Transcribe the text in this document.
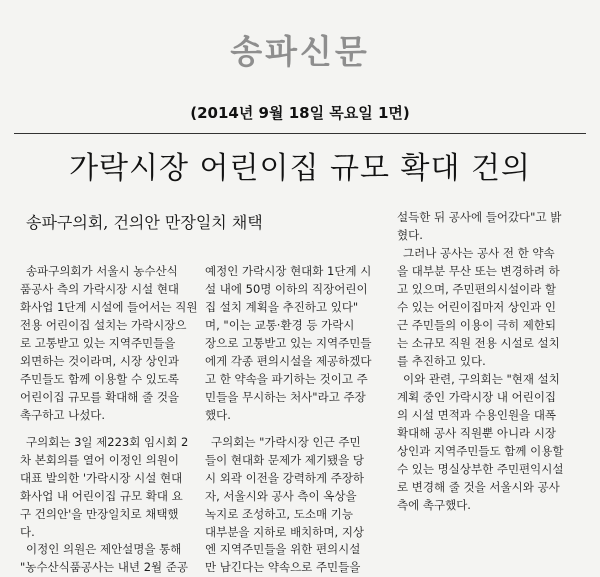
송파신문
(2014년 9월 18일 목요일 1면)
가락시장 어린이집 규모 확대 건의
송파구의회, 건의안 만장일치 채택
송파구의회가 서울시 농수산식
품공사 측의 가락시장 시설 현대
화사업 1단계 시설에 들어서는 직원
전용 어린이집 설치는 가락시장으
로 고통받고 있는 지역주민들을
외면하는 것이라며, 시장 상인과
주민들도 함께 이용할 수 있도록
어린이집 규모를 확대해 줄 것을
촉구하고 나섰다.
구의회는 3일 제223회 임시회 2
차 본회의를 열어 이정인 의원이
대표 발의한 '가락시장 시설 현대
화사업 내 어린이집 규모 확대 요
구 건의안'을 만장일치로 채택했
다.
이정인 의원은 제안설명을 통해
"농수산식품공사는 내년 2월 준공
예정인 가락시장 현대화 1단계 시
설 내에 50명 이하의 직장어린이
집 설치 계획을 추진하고 있다"
며, "이는 교통·환경 등 가락시
장으로 고통받고 있는 지역주민들
에게 각종 편의시설을 제공하겠다
고 한 약속을 파기하는 것이고 주
민들을 무시하는 처사"라고 주장
했다.
구의회는 "가락시장 인근 주민
들이 현대화 문제가 제기됐을 당
시 외곽 이전을 강력하게 주장하
자, 서울시와 공사 측이 옥상을
녹지로 조성하고, 도소매 기능
대부분을 지하로 배치하며, 지상
엔 지역주민들을 위한 편의시설
만 남긴다는 약속으로 주민들을
설득한 뒤 공사에 들어갔다"고 밝
혔다.
그러나 공사는 공사 전 한 약속
을 대부분 무산 또는 변경하려 하
고 있으며, 주민편의시설이라 할
수 있는 어린이집마저 상인과 인
근 주민들의 이용이 극히 제한되
는 소규모 직원 전용 시설로 설치
를 추진하고 있다.
이와 관련, 구의회는 "현재 설치
계획 중인 가락시장 내 어린이집
의 시설 면적과 수용인원을 대폭
확대해 공사 직원뿐 아니라 시장
상인과 지역주민들도 함께 이용할
수 있는 명실상부한 주민편익시설
로 변경해 줄 것을 서울시와 공사
측에 촉구했다.
